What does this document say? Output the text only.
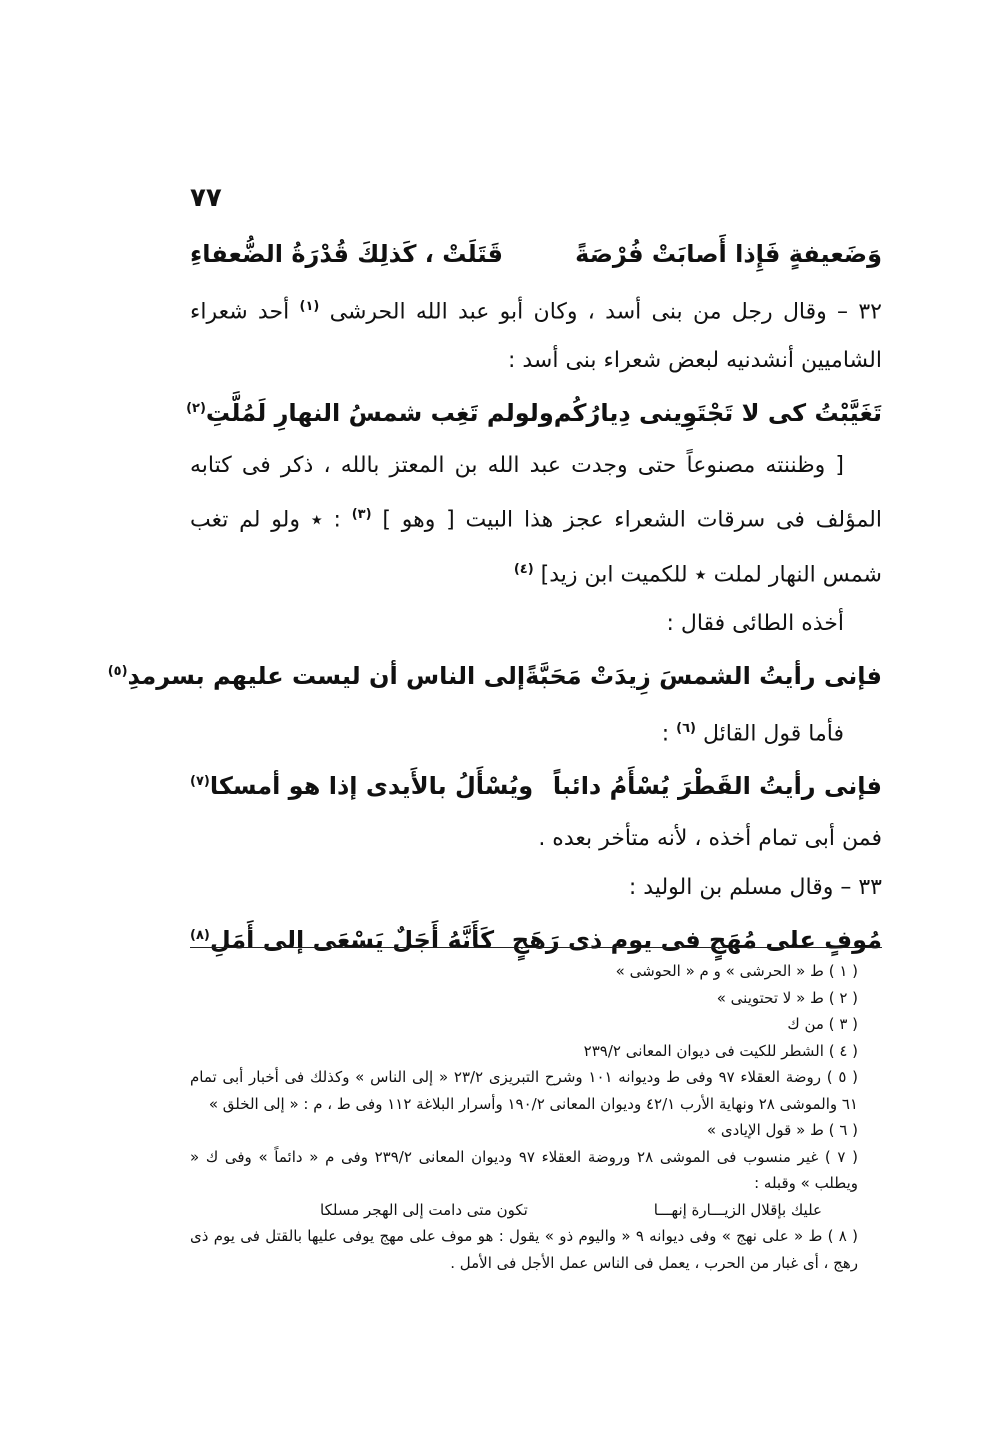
٧٧
وَضَعيفةٍ فَإِذا أَصابَتْ فُرْصَةً
قَتَلَتْ ، كَذلِكَ قُدْرَةُ الضُّعفاءِ
٣٢ – وقال رجل من بنى أسد ، وكان أبو عبد الله الحرشى $^{(١)}$ أحد شعراء الشاميين أنشدنيه لبعض شعراء بنى أسد :
تَغَيَّبْتُ كى لا تَجْتَوِينى دِيارُكُم
ولولم تَغِب شمسُ النهارِ لَمُلَّتِ$^{(٢)}$
[ وظننته مصنوعاً حتى وجدت عبد الله بن المعتز بالله ، ذكر فى كتابه المؤلف فى سرقات الشعراء عجز هذا البيت [ وهو ] $^{(٣)}$ : ٭ ولو لم تغب شمس النهار لملت ٭ للكميت ابن زيد] $^{(٤)}$
أخذه الطائى فقال :
فإنى رأيتُ الشمسَ زِيدَتْ مَحَبَّةً
إلى الناس أن ليست عليهم بسرمدِ$^{(٥)}$
فأما قول القائل $^{(٦)}$ :
فإنى رأيتُ القَطْرَ يُسْأَمُ دائباً
ويُسْأَلُ بالأَيدى إذا هو أمسكا$^{(٧)}$
فمن أبى تمام أخذه ، لأنه متأخر بعده .
٣٣ – وقال مسلم بن الوليد :
مُوفٍ على مُهَجٍ فى يوم ذى رَهَجٍ
كَأَنَّهُ أَجَلٌ يَسْعَى إلى أَمَلِ$^{(٨)}$
( ١ ) ط « الحرشى » و م « الحوشى »
( ٢ ) ط « لا تحتوينى »
( ٣ ) من ك
( ٤ ) الشطر للكيت فى ديوان المعانى ٢٣٩/٢
( ٥ ) روضة العقلاء ٩٧ وفى ط وديوانه ١٠١ وشرح التبريزى ٢٣/٢ « إلى الناس » وكذلك فى أخبار أبى تمام ٦١ والموشى ٢٨ ونهاية الأرب ٤٢/١ وديوان المعانى ١٩٠/٢ وأسرار البلاغة ١١٢ وفى ط ، م : « إلى الخلق »
( ٦ ) ط « قول الإيادى »
( ٧ ) غير منسوب فى الموشى ٢٨ وروضة العقلاء ٩٧ وديوان المعانى ٢٣٩/٢ وفى م « دائماً » وفى ك « ويطلب » وقبله :
عليك بإقلال الزيـــارة إنهـــا
تكون متى دامت إلى الهجر مسلكا
( ٨ ) ط « على نهج » وفى ديوانه ٩ « واليوم ذو » يقول : هو موف على مهج يوفى عليها بالقتل فى يوم ذى رهج ، أى غبار من الحرب ، يعمل فى الناس عمل الأجل فى الأمل .
